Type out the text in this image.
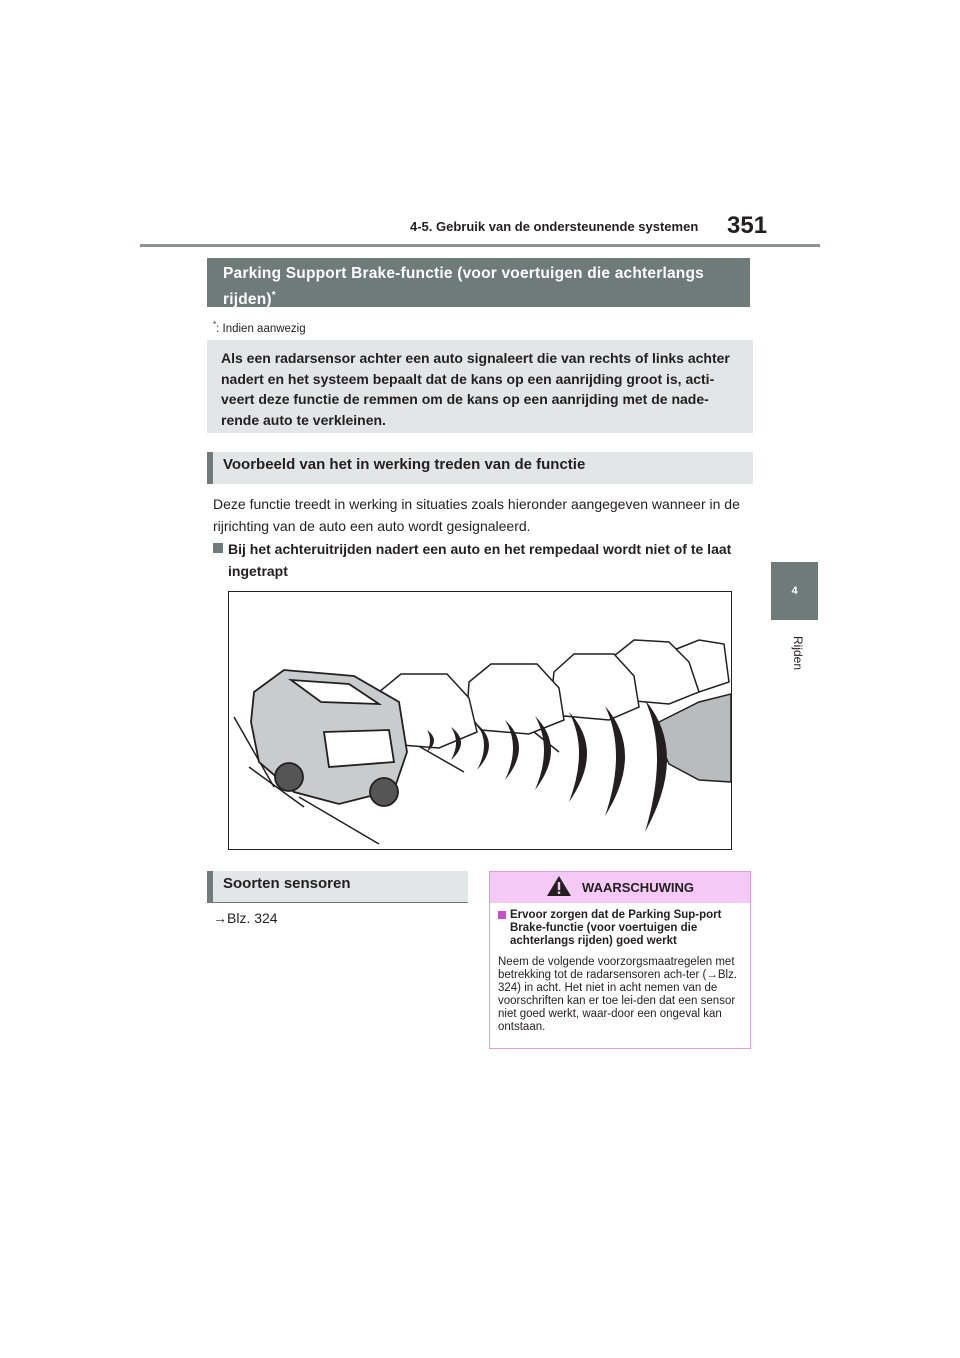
4-5. Gebruik van de ondersteunende systemen 351
4
Rijden
Parking Support Brake-functie (voor voertuigen die achterlangs rijden)*
*: Indien aanwezig
Als een radarsensor achter een auto signaleert die van rechts of links achter nadert en het systeem bepaalt dat de kans op een aanrijding groot is, acti-veert deze functie de remmen om de kans op een aanrijding met de nade-rende auto te verkleinen.
Voorbeeld van het in werking treden van de functie
Deze functie treedt in werking in situaties zoals hieronder aangegeven wanneer in de rijrichting van de auto een auto wordt gesignaleerd.
Bij het achteruitrijden nadert een auto en het rempedaal wordt niet of te laat ingetrapt
Soorten sensoren
→Blz. 324
WAARSCHUWING
Ervoor zorgen dat de Parking Sup-port Brake-functie (voor voertuigen die achterlangs rijden) goed werkt
Neem de volgende voorzorgsmaatregelen met betrekking tot de radarsensoren ach-ter (→Blz. 324) in acht. Het niet in acht nemen van de voorschriften kan er toe lei-den dat een sensor niet goed werkt, waar-door een ongeval kan ontstaan.
